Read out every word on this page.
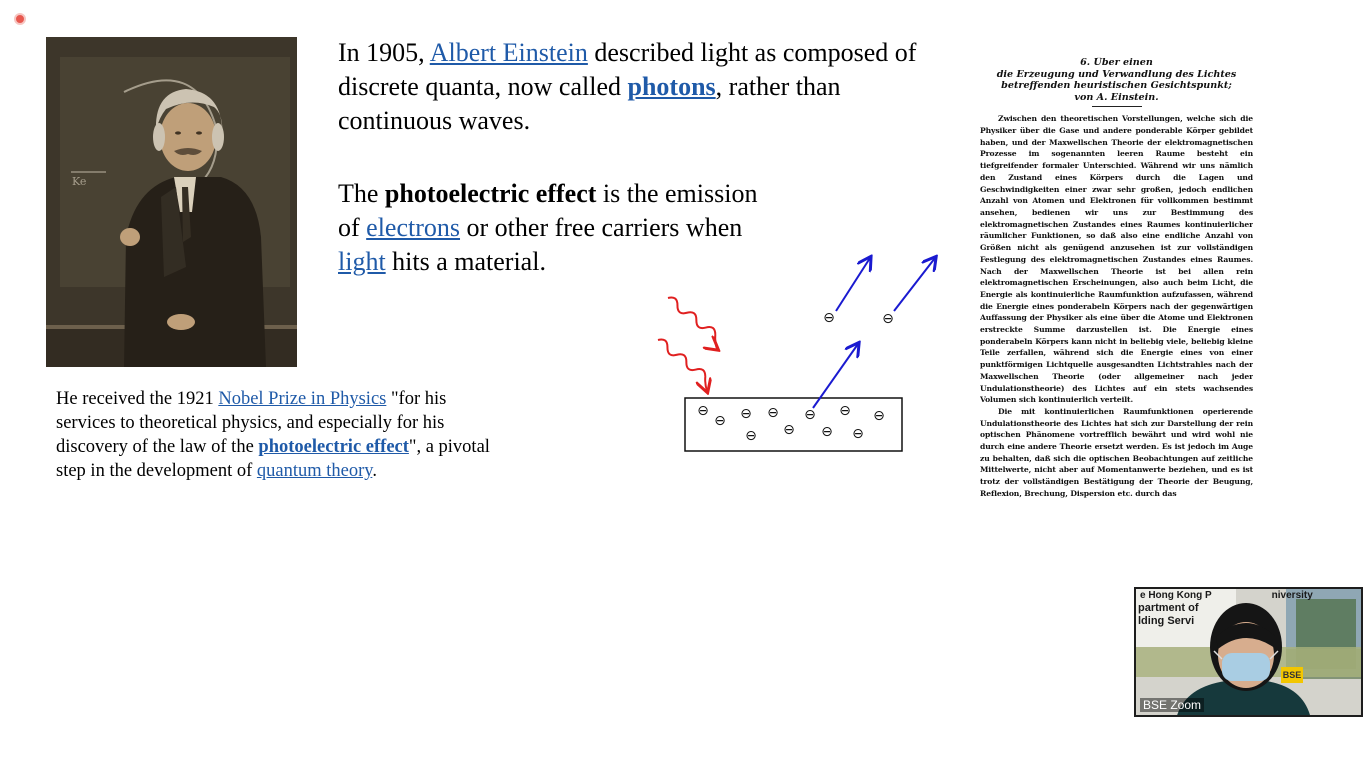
Ke
In 1905, Albert Einstein described light as composed of discrete quanta, now called photons, rather than continuous waves.
The photoelectric effect is the emission of electrons or other free carriers when light hits a material.
He received the 1921 Nobel Prize in Physics "for his services to theoretical physics, and especially for his discovery of the law of the photoelectric effect", a pivotal step in the development of quantum theory.
⊖
⊖ ⊖ ⊖ ⊖ ⊖ ⊖
⊖ ⊖ ⊖ ⊖
⊖	⊖
6. Über einen
die Erzeugung und Verwandlung des Lichtes
betreffenden heuristischen Gesichtspunkt;
von A. Einstein.

Zwischen den theoretischen Vorstellungen, welche sich die Physiker über die Gase und andere ponderable Körper gebildet haben, und der Maxwellschen Theorie der elektromagnetischen Prozesse im sogenannten leeren Raume besteht ein tiefgreifender formaler Unterschied. Während wir uns nämlich den Zustand eines Körpers durch die Lagen und Geschwindigkeiten einer zwar sehr großen, jedoch endlichen Anzahl von Atomen und Elektronen für vollkommen bestimmt ansehen, bedienen wir uns zur Bestimmung des elektromagnetischen Zustandes eines Raumes kontinuierlicher räumlicher Funktionen, so daß also eine endliche Anzahl von Größen nicht als genügend anzusehen ist zur vollständigen Festlegung des elektromagnetischen Zustandes eines Raumes. Nach der Maxwellschen Theorie ist bei allen rein elektromagnetischen Erscheinungen, also auch beim Licht, die Energie als kontinuierliche Raumfunktion aufzufassen, während die Energie eines ponderabeln Körpers nach der gegenwärtigen Auffassung der Physiker als eine über die Atome und Elektronen erstreckte Summe darzustellen ist. Die Energie eines ponderabeln Körpers kann nicht in beliebig viele, beliebig kleine Teile zerfallen, während sich die Energie eines von einer punktförmigen Lichtquelle ausgesandten Lichtstrahles nach der Maxwellschen Theorie (oder allgemeiner nach jeder Undulationstheorie) des Lichtes auf ein stets wachsendes Volumen sich kontinuierlich verteilt.

Die mit kontinuierlichen Raumfunktionen operierende Undulationstheorie des Lichtes hat sich zur Darstellung der rein optischen Phänomene vortrefflich bewährt und wird wohl nie durch eine andere Theorie ersetzt werden. Es ist jedoch im Auge zu behalten, daß sich die optischen Beobachtungen auf zeitliche Mittelwerte, nicht aber auf Momentanwerte beziehen, und es ist trotz der vollständigen Bestätigung der Theorie der Beugung, Reflexion, Brechung, Dispersion etc. durch das

e Hong Kong P	niversity
partment of
lding Servi
BSE
BSE Zoom
